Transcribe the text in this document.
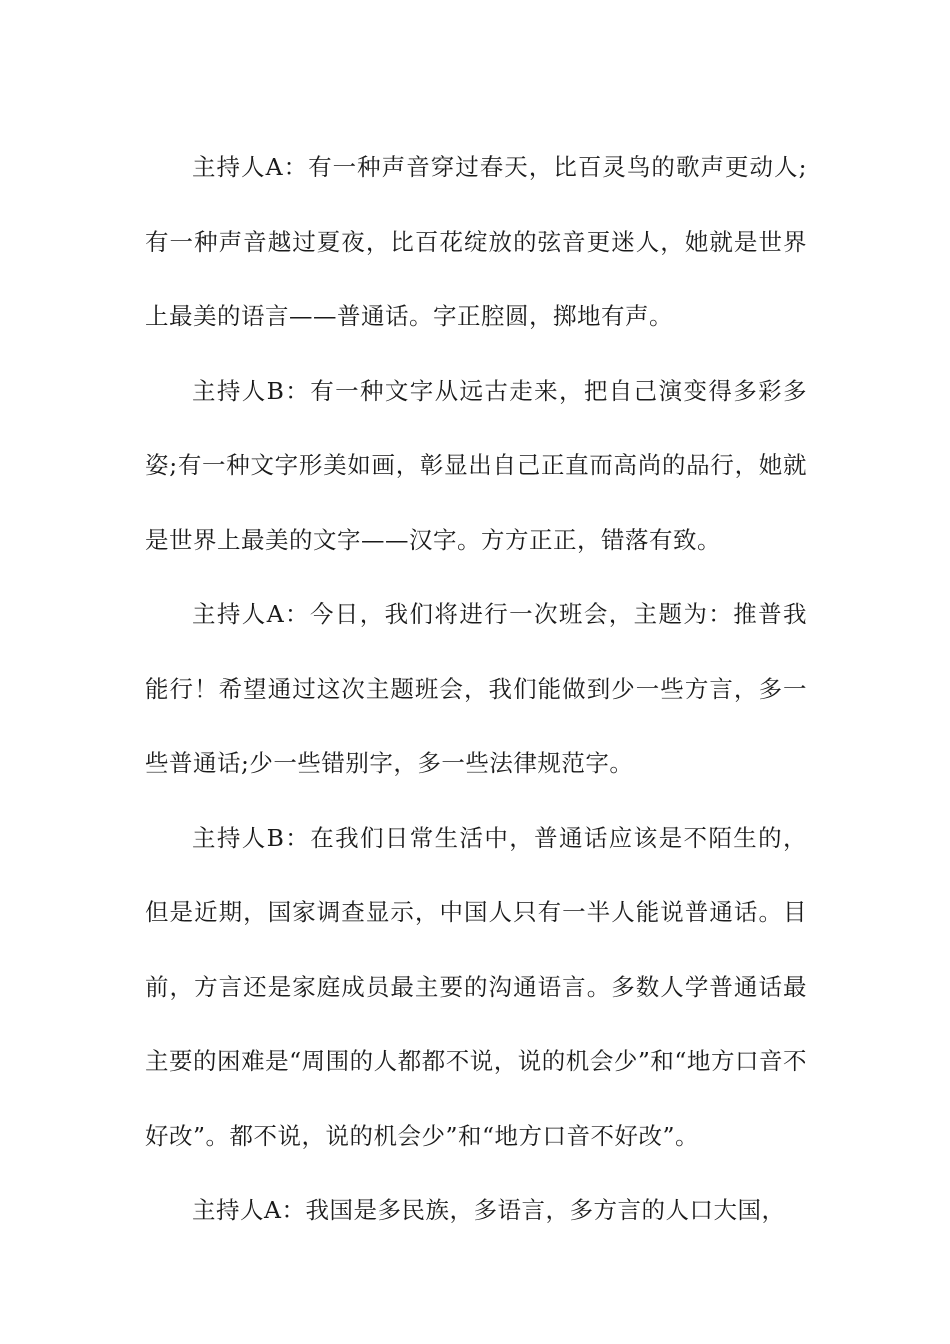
主持人A：有一种声音穿过春天，比百灵鸟的歌声更动人;有一种声音越过夏夜，比百花绽放的弦音更迷人，她就是世界上最美的语言——普通话。字正腔圆，掷地有声。

主持人B：有一种文字从远古走来，把自己演变得多彩多姿;有一种文字形美如画，彰显出自己正直而高尚的品行，她就是世界上最美的文字——汉字。方方正正，错落有致。

主持人A：今日，我们将进行一次班会，主题为：推普我能行！希望通过这次主题班会，我们能做到少一些方言，多一些普通话;少一些错别字，多一些法律规范字。

主持人B：在我们日常生活中，普通话应该是不陌生的，但是近期，国家调查显示，中国人只有一半人能说普通话。目前，方言还是家庭成员最主要的沟通语言。多数人学普通话最主要的困难是“周围的人都都不说，说的机会少”和“地方口音不好改”。都不说，说的机会少”和“地方口音不好改”。

主持人A：我国是多民族，多语言，多方言的人口大国，
